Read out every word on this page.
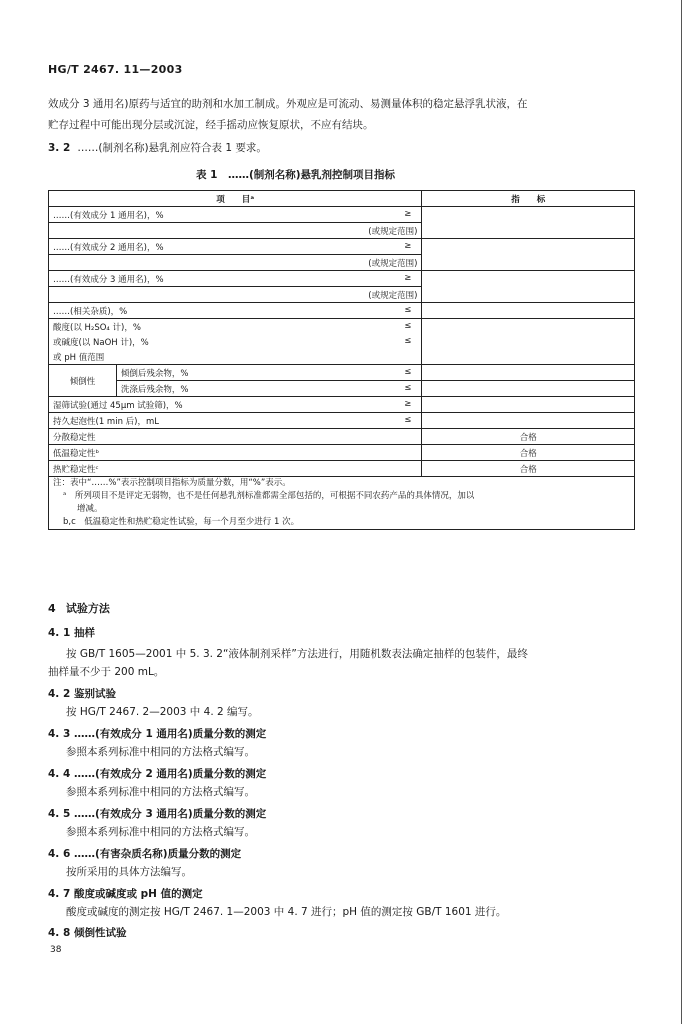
HG/T 2467. 11—2003
效成分 3 通用名)原药与适宜的助剂和水加工制成。外观应是可流动、易测量体积的稳定悬浮乳状液，在
贮存过程中可能出现分层或沉淀，经手摇动应恢复原状，不应有结块。
3. 2 ……(制剂名称)悬乳剂应符合表 1 要求。
表 1　……(制剂名称)悬乳剂控制项目指标
项　　目ᵃ		指　　标
……(有效成分 1 通用名)，% ≥		

(或规定范围)		
……(有效成分 2 通用名)，% ≥		

(或规定范围)		
……(有效成分 3 通用名)，% ≥		

(或规定范围)		
……(相关杂质)，% ≤		

酸度(以 H₂SO₄ 计)，% ≤		

或碱度(以 NaOH 计)，% ≤		

或 pH 值范围		
倾倒性	倾倒后残余物，% ≤	

	洗涤后残余物，% ≤	

湿筛试验(通过 45μm 试验筛)，% ≥		

持久起泡性(1 min 后)，mL ≤		

分散稳定性		合格
低温稳定性ᵇ		合格
热贮稳定性ᶜ		合格

注：表中“……%”表示控制项目指标为质量分数，用“%”表示。
ᵃ　所列项目不是评定无弱物，也不是任何悬乳剂标准都需全部包括的，可根据不同农药产品的具体情况，加以
增减。
b,c　低温稳定性和热贮稳定性试验，每一个月至少进行 1 次。		
4 试验方法
4. 1 抽样
按 GB/T 1605—2001 中 5. 3. 2“液体制剂采样”方法进行，用随机数表法确定抽样的包装件，最终
抽样量不少于 200 mL。
4. 2 鉴别试验
按 HG/T 2467. 2—2003 中 4. 2 编写。
4. 3 ……(有效成分 1 通用名)质量分数的测定
参照本系列标准中相同的方法格式编写。
4. 4 ……(有效成分 2 通用名)质量分数的测定
参照本系列标准中相同的方法格式编写。
4. 5 ……(有效成分 3 通用名)质量分数的测定
参照本系列标准中相同的方法格式编写。
4. 6 ……(有害杂质名称)质量分数的测定
按所采用的具体方法编写。
4. 7 酸度或碱度或 pH 值的测定
酸度或碱度的测定按 HG/T 2467. 1—2003 中 4. 7 进行；pH 值的测定按 GB/T 1601 进行。
4. 8 倾倒性试验
38
